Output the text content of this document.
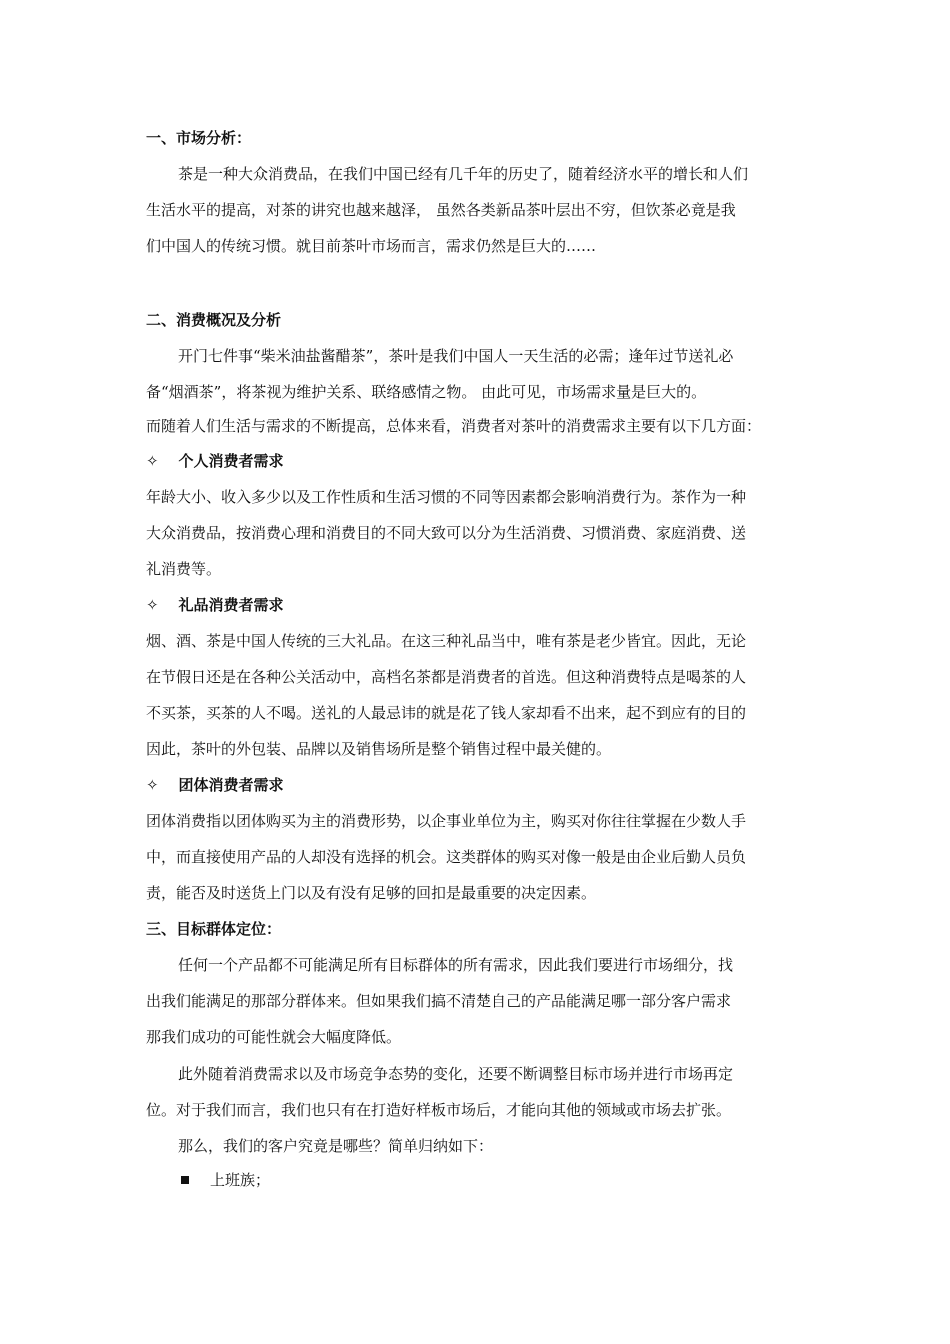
一、市场分析：
茶是一种大众消费品，在我们中国已经有几千年的历史了，随着经济水平的增长和人们
生活水平的提高，对茶的讲究也越来越泽， 虽然各类新品茶叶层出不穷，但饮茶必竟是我
们中国人的传统习惯。就目前茶叶市场而言，需求仍然是巨大的……
二、消费概况及分析
开门七件事“柴米油盐酱醋茶”，茶叶是我们中国人一天生活的必需；逢年过节送礼必
备“烟酒茶”，将茶视为维护关系、联络感情之物。 由此可见，市场需求量是巨大的。
而随着人们生活与需求的不断提高，总体来看，消费者对茶叶的消费需求主要有以下几方面：
✧ 个人消费者需求
年龄大小、收入多少以及工作性质和生活习惯的不同等因素都会影响消费行为。茶作为一种
大众消费品，按消费心理和消费目的不同大致可以分为生活消费、习惯消费、家庭消费、送
礼消费等。
✧ 礼品消费者需求
烟、酒、茶是中国人传统的三大礼品。在这三种礼品当中，唯有茶是老少皆宜。因此，无论
在节假日还是在各种公关活动中，高档名茶都是消费者的首选。但这种消费特点是喝茶的人
不买茶，买茶的人不喝。送礼的人最忌讳的就是花了钱人家却看不出来，起不到应有的目的
因此，茶叶的外包装、品牌以及销售场所是整个销售过程中最关健的。
✧ 团体消费者需求
团体消费指以团体购买为主的消费形势，以企事业单位为主，购买对你往往掌握在少数人手
中，而直接使用产品的人却没有选择的机会。这类群体的购买对像一般是由企业后勤人员负
责，能否及时送货上门以及有没有足够的回扣是最重要的决定因素。
三、目标群体定位：
任何一个产品都不可能满足所有目标群体的所有需求，因此我们要进行市场细分，找
出我们能满足的那部分群体来。但如果我们搞不清楚自己的产品能满足哪一部分客户需求
那我们成功的可能性就会大幅度降低。
此外随着消费需求以及市场竞争态势的变化，还要不断调整目标市场并进行市场再定
位。对于我们而言，我们也只有在打造好样板市场后，才能向其他的领域或市场去扩张。
那么，我们的客户究竟是哪些？简单归纳如下：
上班族；
